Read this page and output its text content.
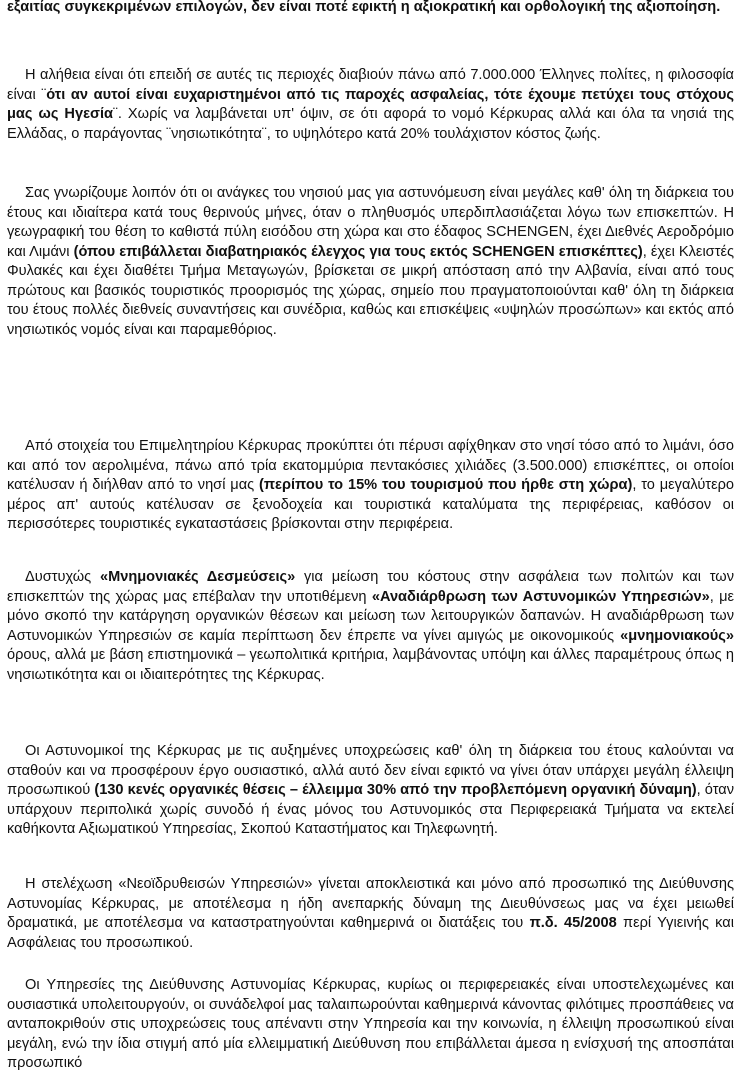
εξαιτίας συγκεκριμένων επιλογών, δεν είναι ποτέ εφικτή η αξιοκρατική και ορθολογική της αξιοποίηση.

Η αλήθεια είναι ότι επειδή σε αυτές τις περιοχές διαβιούν πάνω από 7.000.000 Έλληνες πολίτες, η φιλοσοφία είναι ¨ότι αν αυτοί είναι ευχαριστημένοι από τις παροχές ασφαλείας, τότε έχουμε πετύχει τους στόχους μας ως Ηγεσία¨. Χωρίς να λαμβάνεται υπ' όψιν, σε ότι αφορά το νομό Κέρκυρας αλλά και όλα τα νησιά της Ελλάδας, ο παράγοντας ¨νησιωτικότητα¨, το υψηλότερο κατά 20% τουλάχιστον κόστος ζωής.

Σας γνωρίζουμε λοιπόν ότι οι ανάγκες του νησιού μας για αστυνόμευση είναι μεγάλες καθ' όλη τη διάρκεια του έτους και ιδιαίτερα κατά τους θερινούς μήνες, όταν ο πληθυσμός υπερδιπλασιάζεται λόγω των επισκεπτών. Η γεωγραφική του θέση το καθιστά πύλη εισόδου στη χώρα και στο έδαφος SCHENGEN, έχει Διεθνές Αεροδρόμιο και Λιμάνι (όπου επιβάλλεται διαβατηριακός έλεγχος για τους εκτός SCHENGEN επισκέπτες), έχει Κλειστές Φυλακές και έχει διαθέτει Τμήμα Μεταγωγών, βρίσκεται σε μικρή απόσταση από την Αλβανία, είναι από τους πρώτους και βασικός τουριστικός προορισμός της χώρας, σημείο που πραγματοποιούνται καθ' όλη τη διάρκεια του έτους πολλές διεθνείς συναντήσεις και συνέδρια, καθώς και επισκέψεις «υψηλών προσώπων» και εκτός από νησιωτικός νομός είναι και παραμεθόριος.

Από στοιχεία του Επιμελητηρίου Κέρκυρας προκύπτει ότι πέρυσι αφίχθηκαν στο νησί τόσο από το λιμάνι, όσο και από τον αερολιμένα, πάνω από τρία εκατομμύρια πεντακόσιες χιλιάδες (3.500.000) επισκέπτες, οι οποίοι κατέλυσαν ή διήλθαν από το νησί μας (περίπου το 15% του τουρισμού που ήρθε στη χώρα), το μεγαλύτερο μέρος απ' αυτούς κατέλυσαν σε ξενοδοχεία και τουριστικά καταλύματα της περιφέρειας, καθόσον οι περισσότερες τουριστικές εγκαταστάσεις βρίσκονται στην περιφέρεια.

Δυστυχώς «Μνημονιακές Δεσμεύσεις» για μείωση του κόστους στην ασφάλεια των πολιτών και των επισκεπτών της χώρας μας επέβαλαν την υποτιθέμενη «Αναδιάρθρωση των Αστυνομικών Υπηρεσιών», με μόνο σκοπό την κατάργηση οργανικών θέσεων και μείωση των λειτουργικών δαπανών. Η αναδιάρθρωση των Αστυνομικών Υπηρεσιών σε καμία περίπτωση δεν έπρεπε να γίνει αμιγώς με οικονομικούς «μνημονιακούς» όρους, αλλά με βάση επιστημονικά – γεωπολιτικά κριτήρια, λαμβάνοντας υπόψη και άλλες παραμέτρους όπως η νησιωτικότητα και οι ιδιαιτερότητες της Κέρκυρας.

Οι Αστυνομικοί της Κέρκυρας με τις αυξημένες υποχρεώσεις καθ' όλη τη διάρκεια του έτους καλούνται να σταθούν και να προσφέρουν έργο ουσιαστικό, αλλά αυτό δεν είναι εφικτό να γίνει όταν υπάρχει μεγάλη έλλειψη προσωπικού (130 κενές οργανικές θέσεις – έλλειμμα 30% από την προβλεπόμενη οργανική δύναμη), όταν υπάρχουν περιπολικά χωρίς συνοδό ή ένας μόνος του Αστυνομικός στα Περιφερειακά Τμήματα να εκτελεί καθήκοντα Αξιωματικού Υπηρεσίας, Σκοπού Καταστήματος και Τηλεφωνητή.

Η στελέχωση «Νεοϊδρυθεισών Υπηρεσιών» γίνεται αποκλειστικά και μόνο από προσωπικό της Διεύθυνσης Αστυνομίας Κέρκυρας, με αποτέλεσμα η ήδη ανεπαρκής δύναμη της Διευθύνσεως μας να έχει μειωθεί δραματικά, με αποτέλεσμα να καταστρατηγούνται καθημερινά οι διατάξεις του π.δ. 45/2008 περί Υγιεινής και Ασφάλειας του προσωπικού.

Οι Υπηρεσίες της Διεύθυνσης Αστυνομίας Κέρκυρας, κυρίως οι περιφερειακές είναι υποστελεχωμένες και ουσιαστικά υπολειτουργούν, οι συνάδελφοί μας ταλαιπωρούνται καθημερινά κάνοντας φιλότιμες προσπάθειες να ανταποκριθούν στις υποχρεώσεις τους απέναντι στην Υπηρεσία και την κοινωνία, η έλλειψη προσωπικού είναι μεγάλη, ενώ την ίδια στιγμή από μία ελλειμματική Διεύθυνση που επιβάλλεται άμεσα η ενίσχυσή της αποσπάται προσωπικό
